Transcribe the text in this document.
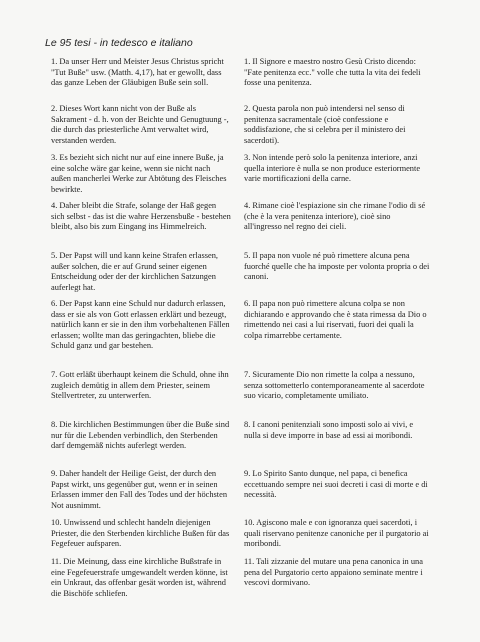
Le 95 tesi - in tedesco e italiano

1. Da unser Herr und Meister Jesus Christus spricht "Tut Buße" usw. (Matth. 4,17), hat er gewollt, dass das ganze Leben der Gläubigen Buße sein soll.

1. Il Signore e maestro nostro Gesù Cristo dicendo: "Fate penitenza ecc." volle che tutta la vita dei fedeli fosse una penitenza.

2. Dieses Wort kann nicht von der Buße als Sakrament - d. h. von der Beichte und Genugtuung -, die durch das priesterliche Amt verwaltet wird, verstanden werden.

2. Questa parola non può intendersi nel senso di penitenza sacramentale (cioè confessione e soddisfazione, che si celebra per il ministero dei sacerdoti).

3. Es bezieht sich nicht nur auf eine innere Buße, ja eine solche wäre gar keine, wenn sie nicht nach außen mancherlei Werke zur Abtötung des Fleisches bewirkte.

3. Non intende però solo la penitenza interiore, anzi quella interiore è nulla se non produce esteriormente varie mortificazioni della carne.

4. Daher bleibt die Strafe, solange der Haß gegen sich selbst - das ist die wahre Herzensbuße - bestehen bleibt, also bis zum Eingang ins Himmelreich.

4. Rimane cioè l'espiazione sin che rimane l'odio di sé (che è la vera penitenza interiore), cioè sino all'ingresso nel regno dei cieli.

5. Der Papst will und kann keine Strafen erlassen, außer solchen, die er auf Grund seiner eigenen Entscheidung oder der der kirchlichen Satzungen auferlegt hat.

5. Il papa non vuole né può rimettere alcuna pena fuorché quelle che ha imposte per volonta propria o dei canoni.

6. Der Papst kann eine Schuld nur dadurch erlassen, dass er sie als von Gott erlassen erklärt und bezeugt, natürlich kann er sie in den ihm vorbehaltenen Fällen erlassen; wollte man das geringachten, bliebe die Schuld ganz und gar bestehen.

6. Il papa non può rimettere alcuna colpa se non dichiarando e approvando che è stata rimessa da Dio o rimettendo nei casi a lui riservati, fuori dei quali la colpa rimarrebbe certamente.

7. Gott erläßt überhaupt keinem die Schuld, ohne ihn zugleich demütig in allem dem Priester, seinem Stellvertreter, zu unterwerfen.

7. Sicuramente Dio non rimette la colpa a nessuno, senza sottometterlo contemporaneamente al sacerdote suo vicario, completamente umiliato.

8. Die kirchlichen Bestimmungen über die Buße sind nur für die Lebenden verbindlich, den Sterbenden darf demgemäß nichts auferlegt werden.

8. I canoni penitenziali sono imposti solo ai vivi, e nulla si deve imporre in base ad essi ai moribondi.

9. Daher handelt der Heilige Geist, der durch den Papst wirkt, uns gegenüber gut, wenn er in seinen Erlassen immer den Fall des Todes und der höchsten Not ausnimmt.

9. Lo Spirito Santo dunque, nel papa, ci benefica eccettuando sempre nei suoi decreti i casi di morte e di necessità.

10. Unwissend und schlecht handeln diejenigen Priester, die den Sterbenden kirchliche Bußen für das Fegefeuer aufsparen.

10. Agiscono male e con ignoranza quei sacerdoti, i quali riservano penitenze canoniche per il purgatorio ai moribondi.

11. Die Meinung, dass eine kirchliche Bußstrafe in eine Fegefeuerstrafe umgewandelt werden könne, ist ein Unkraut, das offenbar gesät worden ist, während die Bischöfe schliefen.

11. Tali zizzanie del mutare una pena canonica in una pena del Purgatorio certo appaiono seminate mentre i vescovi dormivano.
